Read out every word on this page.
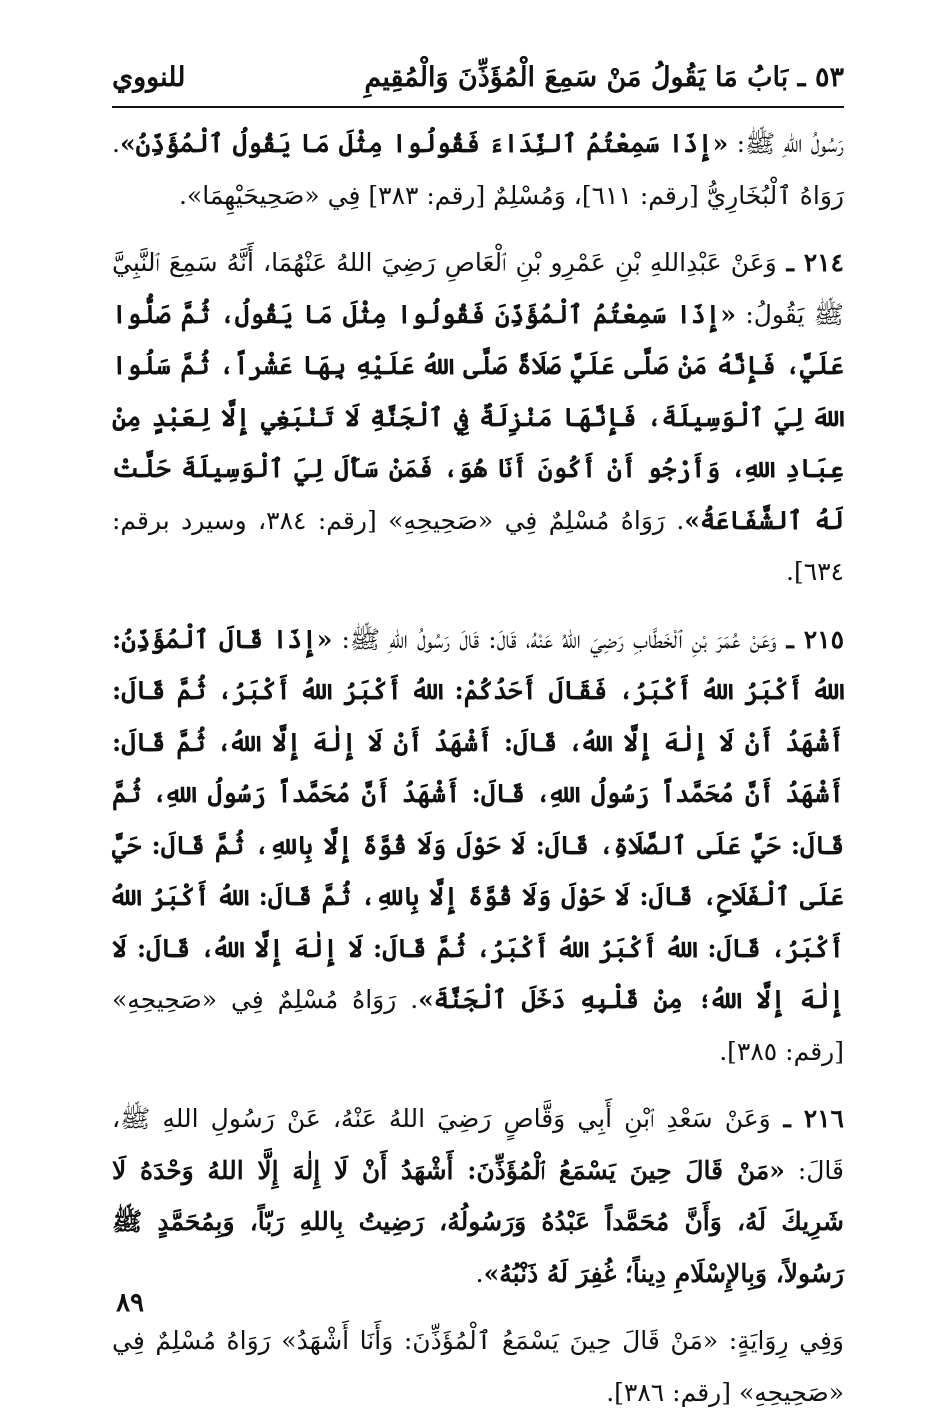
٥٣ ـ بَابُ مَا يَقُولُ مَنْ سَمِعَ الْمُؤَذِّنَ وَالْمُقِيمِ
للنووي

رَسُولُ اللهِ ﷺ: «إِذَا سَمِعْتُمُ ٱلنِّدَاءَ فَقُولُوا مِثْلَ مَا يَقُولُ ٱلْمُؤَذِّنُ». رَوَاهُ ٱلْبُخَارِيُّ [رقم: ٦١١]، وَمُسْلِمٌ [رقم: ٣٨٣] فِي «صَحِيحَيْهِمَا».

٢١٤ ـ وَعَنْ عَبْدِاللهِ بْنِ عَمْرِو بْنِ ٱلْعَاصِ رَضِيَ اللهُ عَنْهُمَا، أَنَّهُ سَمِعَ ٱلنَّبِيَّ ﷺ يَقُولُ: «إِذَا سَمِعْتُمُ ٱلْمُؤَذِّنَ فَقُولُوا مِثْلَ مَا يَقُولُ، ثُمَّ صَلُّوا عَلَيَّ، فَإِنَّهُ مَنْ صَلَّى عَلَيَّ صَلَاةً صَلَّى اللهُ عَلَيْهِ بِهَا عَشْراً، ثُمَّ سَلُوا اللهَ لِيَ ٱلْوَسِيلَةَ، فَإِنَّهَا مَنْزِلَةٌ فِي ٱلْجَنَّةِ لَا تَنْبَغِي إِلَّا لِعَبْدٍ مِنْ عِبَادِ اللهِ، وَأَرْجُو أَنْ أَكُونَ أَنَا هُوَ، فَمَنْ سَأَلَ لِيَ ٱلْوَسِيلَةَ حَلَّتْ لَهُ ٱلشَّفَاعَةُ». رَوَاهُ مُسْلِمٌ فِي «صَحِيحِهِ» [رقم: ٣٨٤، وسيرد برقم: ٦٣٤].

٢١٥ ـ وَعَنْ عُمَرَ بْنِ ٱلْخَطَّابِ رَضِيَ اللهُ عَنْهُ، قَالَ: قَالَ رَسُولُ اللهِ ﷺ: «إِذَا قَالَ ٱلْمُؤَذِّنُ: اللهُ أَكْبَرُ اللهُ أَكْبَرُ، فَقَالَ أَحَدُكُمْ: اللهُ أَكْبَرُ اللهُ أَكْبَرُ، ثُمَّ قَالَ: أَشْهَدُ أَنْ لَا إِلٰهَ إِلَّا اللهُ، قَالَ: أَشْهَدُ أَنْ لَا إِلٰهَ إِلَّا اللهُ، ثُمَّ قَالَ: أَشْهَدُ أَنَّ مُحَمَّداً رَسُولُ اللهِ، قَالَ: أَشْهَدُ أَنَّ مُحَمَّداً رَسُولُ اللهِ، ثُمَّ قَالَ: حَيَّ عَلَى ٱلصَّلَاةِ، قَالَ: لَا حَوْلَ وَلَا قُوَّةَ إِلَّا بِاللهِ، ثُمَّ قَالَ: حَيَّ عَلَى ٱلْفَلَاحِ، قَالَ: لَا حَوْلَ وَلَا قُوَّةَ إِلَّا بِاللهِ، ثُمَّ قَالَ: اللهُ أَكْبَرُ اللهُ أَكْبَرُ، قَالَ: اللهُ أَكْبَرُ اللهُ أَكْبَرُ، ثُمَّ قَالَ: لَا إِلٰهَ إِلَّا اللهُ، قَالَ: لَا إِلٰهَ إِلَّا اللهُ؛ مِنْ قَلْبِهِ دَخَلَ ٱلْجَنَّةَ». رَوَاهُ مُسْلِمٌ فِي «صَحِيحِهِ» [رقم: ٣٨٥].

٢١٦ ـ وَعَنْ سَعْدِ ٱبْنِ أَبِي وَقَّاصٍ رَضِيَ اللهُ عَنْهُ، عَنْ رَسُولِ اللهِ ﷺ، قَالَ: «مَنْ قَالَ حِينَ يَسْمَعُ ٱلْمُؤَذِّنَ: أَشْهَدُ أَنْ لَا إِلٰهَ إِلَّا اللهُ وَحْدَهُ لَا شَرِيكَ لَهُ، وَأَنَّ مُحَمَّداً عَبْدُهُ وَرَسُولُهُ، رَضِيتُ بِاللهِ رَبّاً، وَبِمُحَمَّدٍ ﷺ رَسُولاً، وَبِالإِسْلَامِ دِيناً؛ غُفِرَ لَهُ ذَنْبُهُ».

وَفِي رِوَايَةٍ: «مَنْ قَالَ حِينَ يَسْمَعُ ٱلْمُؤَذِّنَ: وَأَنَا أَشْهَدُ» رَوَاهُ مُسْلِمٌ فِي «صَحِيحِهِ» [رقم: ٣٨٦].

٨٩
